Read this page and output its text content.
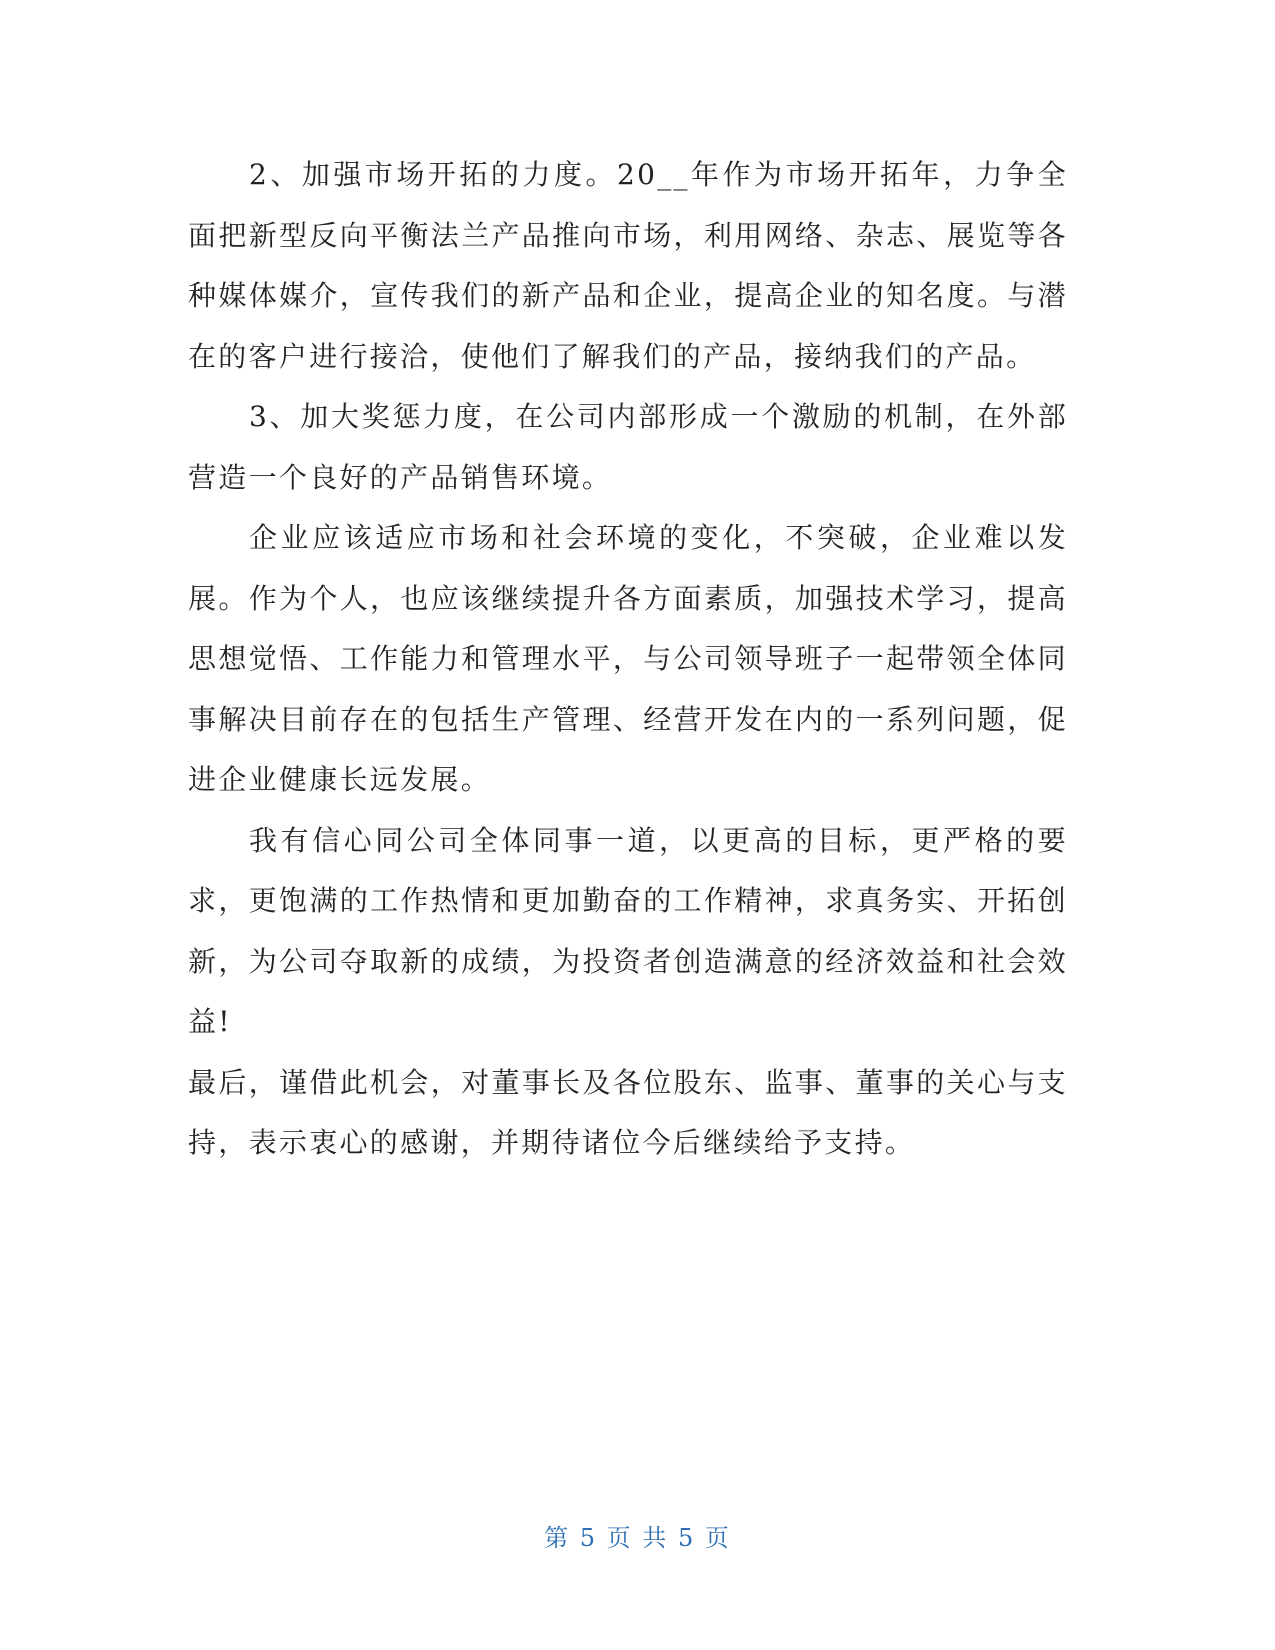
2、加强市场开拓的力度。20__年作为市场开拓年，力争全面把新型反向平衡法兰产品推向市场，利用网络、杂志、展览等各种媒体媒介，宣传我们的新产品和企业，提高企业的知名度。与潜在的客户进行接洽，使他们了解我们的产品，接纳我们的产品。

3、加大奖惩力度，在公司内部形成一个激励的机制，在外部营造一个良好的产品销售环境。

企业应该适应市场和社会环境的变化，不突破，企业难以发展。作为个人，也应该继续提升各方面素质，加强技术学习，提高思想觉悟、工作能力和管理水平，与公司领导班子一起带领全体同事解决目前存在的包括生产管理、经营开发在内的一系列问题，促进企业健康长远发展。

我有信心同公司全体同事一道，以更高的目标，更严格的要求，更饱满的工作热情和更加勤奋的工作精神，求真务实、开拓创新，为公司夺取新的成绩，为投资者创造满意的经济效益和社会效益!

最后，谨借此机会，对董事长及各位股东、监事、董事的关心与支持，表示衷心的感谢，并期待诸位今后继续给予支持。

第 5 页 共 5 页
